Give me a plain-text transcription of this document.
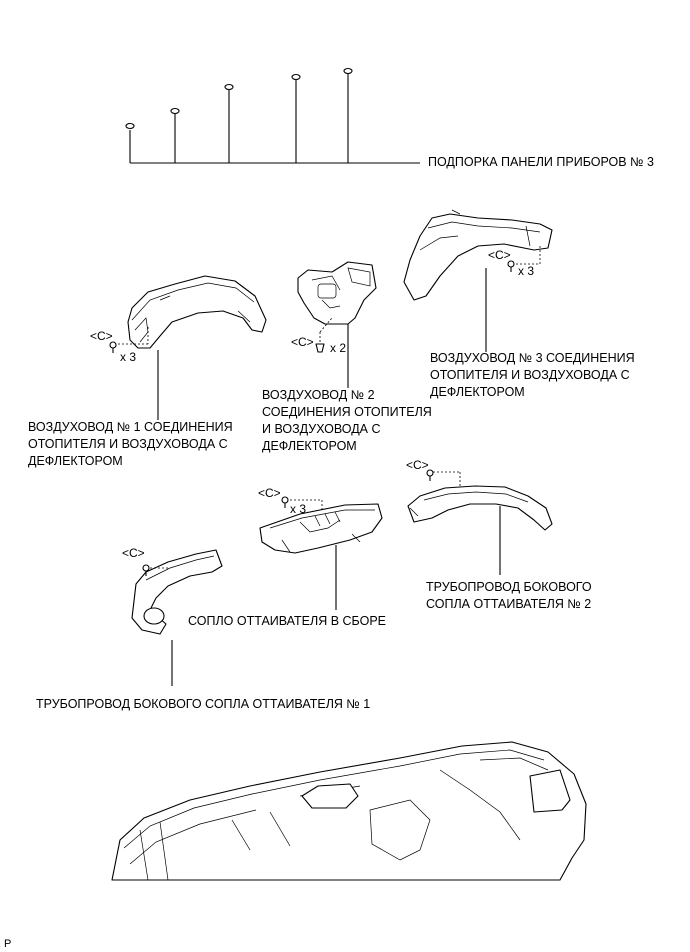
ПОДПОРКА ПАНЕЛИ ПРИБОРОВ № 3
ВОЗДУХОВОД № 1 СОЕДИНЕНИЯ
ОТОПИТЕЛЯ И ВОЗДУХОВОДА С
ДЕФЛЕКТОРОМ
ВОЗДУХОВОД № 2
СОЕДИНЕНИЯ ОТОПИТЕЛЯ
И ВОЗДУХОВОДА С
ДЕФЛЕКТОРОМ
ВОЗДУХОВОД № 3 СОЕДИНЕНИЯ
ОТОПИТЕЛЯ И ВОЗДУХОВОДА С
ДЕФЛЕКТОРОМ
ТРУБОПРОВОД БОКОВОГО
СОПЛА ОТТАИВАТЕЛЯ № 2
СОПЛО ОТТАИВАТЕЛЯ В СБОРЕ
ТРУБОПРОВОД БОКОВОГО СОПЛА ОТТАИВАТЕЛЯ № 1
<C>
x 3
<C> x 2
<C>
x 3
<C>
<C>
x 3
<C>
P
